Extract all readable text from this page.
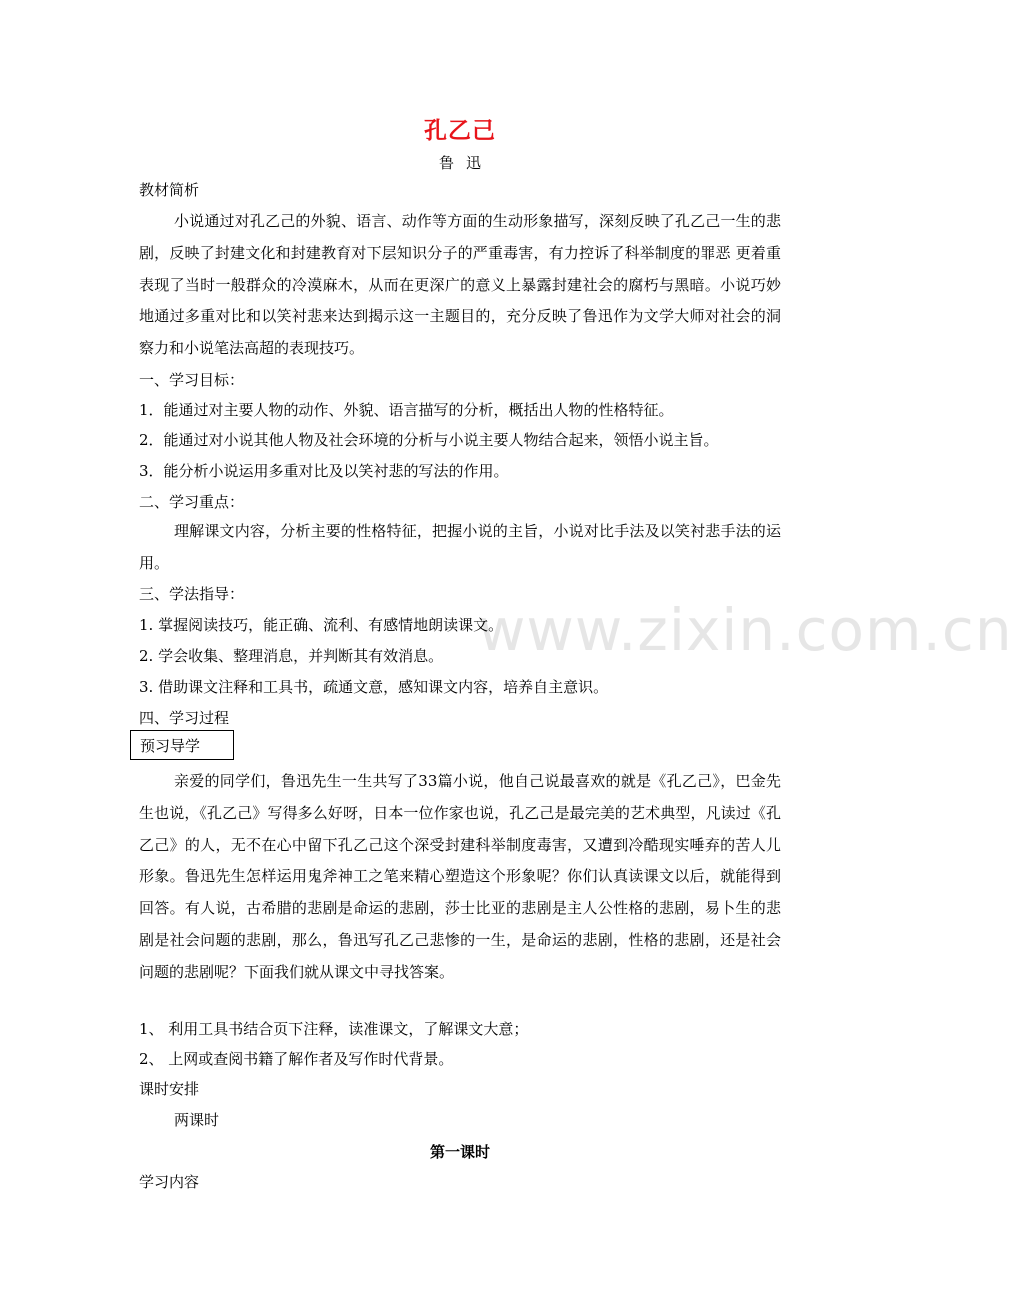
www.zixin.com.cn
孔乙己
鲁迅
教材简析
小说通过对孔乙己的外貌、语言、动作等方面的生动形象描写，深刻反映了孔乙己一生的悲剧，反映了封建文化和封建教育对下层知识分子的严重毒害，有力控诉了科举制度的罪恶 更着重表现了当时一般群众的冷漠麻木，从而在更深广的意义上暴露封建社会的腐朽与黑暗。小说巧妙地通过多重对比和以笑衬悲来达到揭示这一主题目的，充分反映了鲁迅作为文学大师对社会的洞察力和小说笔法高超的表现技巧。
一、学习目标：
1．能通过对主要人物的动作、外貌、语言描写的分析，概括出人物的性格特征。
2．能通过对小说其他人物及社会环境的分析与小说主要人物结合起来，领悟小说主旨。
3．能分析小说运用多重对比及以笑衬悲的写法的作用。
二、学习重点：
理解课文内容，分析主要的性格特征，把握小说的主旨，小说对比手法及以笑衬悲手法的运用。
三、学法指导：
1. 掌握阅读技巧，能正确、流利、有感情地朗读课文。
2. 学会收集、整理消息，并判断其有效消息。
3. 借助课文注释和工具书，疏通文意，感知课文内容，培养自主意识。
四、学习过程
预习导学
亲爱的同学们，鲁迅先生一生共写了33篇小说，他自己说最喜欢的就是《孔乙己》，巴金先生也说，《孔乙己》写得多么好呀，日本一位作家也说，孔乙己是最完美的艺术典型，凡读过《孔乙己》的人，无不在心中留下孔乙己这个深受封建科举制度毒害，又遭到冷酷现实唾弃的苦人儿形象。鲁迅先生怎样运用鬼斧神工之笔来精心塑造这个形象呢？你们认真读课文以后，就能得到回答。有人说，古希腊的悲剧是命运的悲剧，莎士比亚的悲剧是主人公性格的悲剧，易卜生的悲剧是社会问题的悲剧，那么，鲁迅写孔乙己悲惨的一生，是命运的悲剧，性格的悲剧，还是社会问题的悲剧呢？下面我们就从课文中寻找答案。
1、 利用工具书结合页下注释，读准课文，了解课文大意；
2、 上网或查阅书籍了解作者及写作时代背景。
课时安排
两课时
第一课时
学习内容
